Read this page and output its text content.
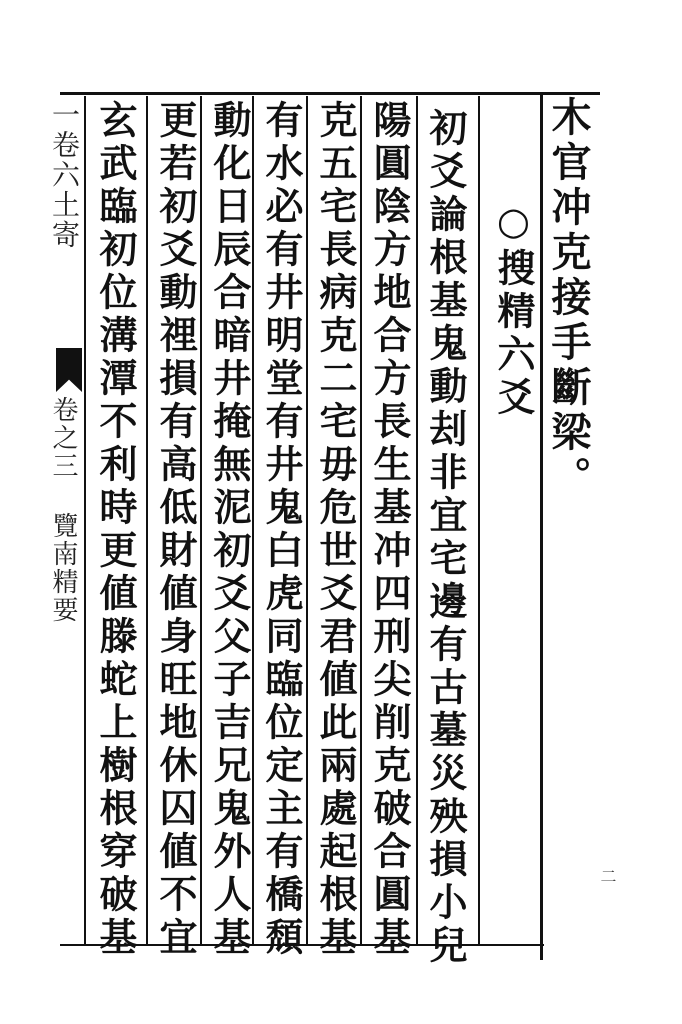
木官冲克接手斷梁。
○搜精六爻
初爻論根基鬼動刦非宜宅邊有古墓災殃損小兒
陽圓陰方地合方長生基冲四刑尖削克破合圓基
克五宅長病克二宅毋危世爻君値此兩處起根基
有水必有井明堂有井鬼白虎同臨位定主有橋頹
動化日辰合暗井掩無泥初爻父子吉兄鬼外人基
更若初爻動𥚃損有高低財値身旺地休囚値不宜
玄武臨初位溝潭不利時更値滕蛇上樹根穿破基
一卷六土寄
卷之三 覽南精要
二
